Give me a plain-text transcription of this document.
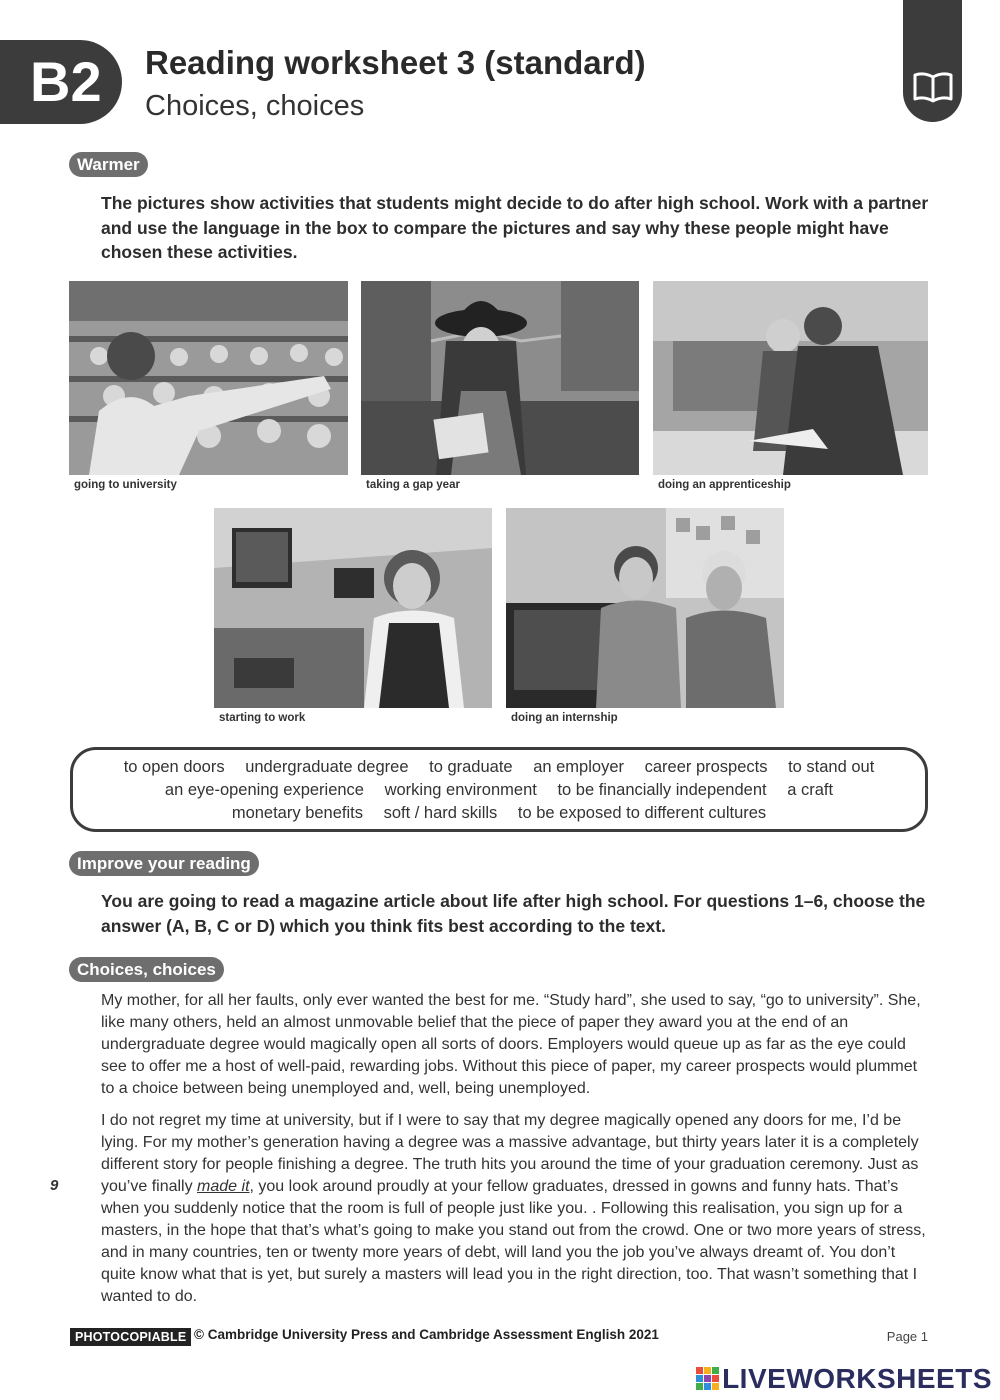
B2	Reading worksheet 3 (standard)
Choices, choices
Warmer
The pictures show activities that students might decide to do after high school. Work with a partner and use the language in the box to compare the pictures and say why these people might have chosen these activities.
going to university	taking a gap year	doing an apprenticeship
starting to work	doing an internship
to open doors undergraduate degree to graduate an employer career prospects to stand out
an eye-opening experience working environment to be financially independent a craft
monetary benefits soft / hard skills to be exposed to different cultures
Improve your reading
You are going to read a magazine article about life after high school. For questions 1–6, choose the answer (A, B, C or D) which you think fits best according to the text.
Choices, choices
My mother, for all her faults, only ever wanted the best for me. “Study hard”, she used to say, “go to university”. She, like many others, held an almost unmovable belief that the piece of paper they award you at the end of an undergraduate degree would magically open all sorts of doors. Employers would queue up as far as the eye could see to offer me a host of well-paid, rewarding jobs. Without this piece of paper, my career prospects would plummet to a choice between being unemployed and, well, being unemployed.
I do not regret my time at university, but if I were to say that my degree magically opened any doors for me, I’d be lying. For my mother’s generation having a degree was a massive advantage, but thirty years later it is a completely different story for people finishing a degree. The truth hits you around the time of your graduation ceremony. Just as you’ve finally made it, you look around proudly at your fellow graduates, dressed in gowns and funny hats. That’s when you suddenly notice that the room is full of people just like you. . Following this realisation, you sign up for a masters, in the hope that that’s what’s going to make you stand out from the crowd. One or two more years of stress, and in many countries, ten or twenty more years of debt, will land you the job you’ve always dreamt of. You don’t quite know what that is yet, but surely a masters will lead you in the right direction, too. That wasn’t something that I wanted to do.
9
PHOTOCOPIABLE © Cambridge University Press and Cambridge Assessment English 2021	Page 1
LIVEWORKSHEETS
